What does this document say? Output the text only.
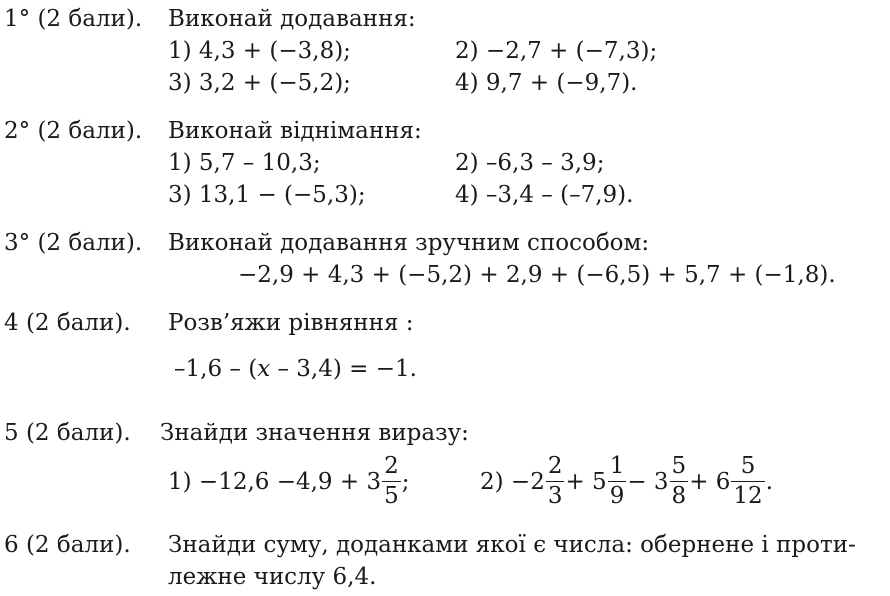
1° (2 бали). Виконай додавання:
1) 4,3 + (−3,8);	2) −2,7 + (−7,3);
3) 3,2 + (−5,2);	4) 9,7 + (−9,7).
2° (2 бали). Виконай віднімання:
1) 5,7 – 10,3;	2) –6,3 – 3,9;
3) 13,1 − (−5,3);	4) –3,4 – (–7,9).
3° (2 бали). Виконай додавання зручним способом:
−2,9 + 4,3 + (−5,2) + 2,9 + (−6,5) + 5,7 + (−1,8).
4 (2 бали). Розв’яжи рівняння :
–1,6 – (x – 3,4) = −1.
5 (2 бали). Знайди значення виразу:
$1) -12,6 -4,9 + 3 \frac{2}{5}$ ;	$2) -2 \frac{2}{3} + 5 \frac{1}{9} - 3 \frac{5}{8} + 6 \frac{5}{12}$ .
6 (2 бали). Знайди суму, доданками якої є числа: обернене і проти-
лежне числу 6,4.
